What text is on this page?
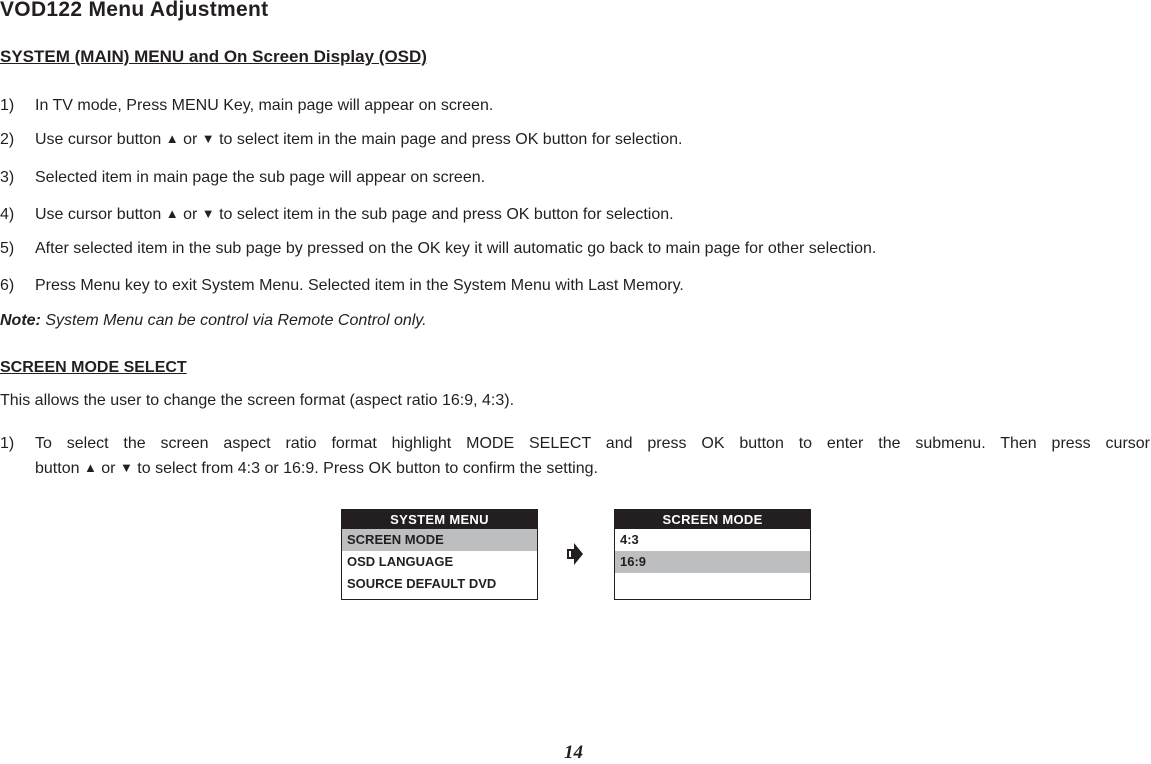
VOD122 Menu Adjustment
SYSTEM (MAIN) MENU and On Screen Display (OSD)
1) In TV mode, Press MENU Key, main page will appear on screen.
2) Use cursor button ▲ or ▼ to select item in the main page and press OK button for selection.
3) Selected item in main page the sub page will appear on screen.
4) Use cursor button ▲ or ▼ to select item in the sub page and press OK button for selection.
5) After selected item in the sub page by pressed on the OK key it will automatic go back to main page for other selection.
6) Press Menu key to exit System Menu. Selected item in the System Menu with Last Memory.
Note: System Menu can be control via Remote Control only.
SCREEN MODE SELECT
This allows the user to change the screen format (aspect ratio 16:9, 4:3).
1) To select the screen aspect ratio format highlight MODE SELECT and press OK button to enter the submenu. Then press cursor
button ▲ or ▼ to select from 4:3 or 16:9. Press OK button to confirm the setting.
SYSTEM MENU
SCREEN MODE
OSD LANGUAGE
SOURCE DEFAULT DVD
SCREEN MODE
4:3
16:9
14
